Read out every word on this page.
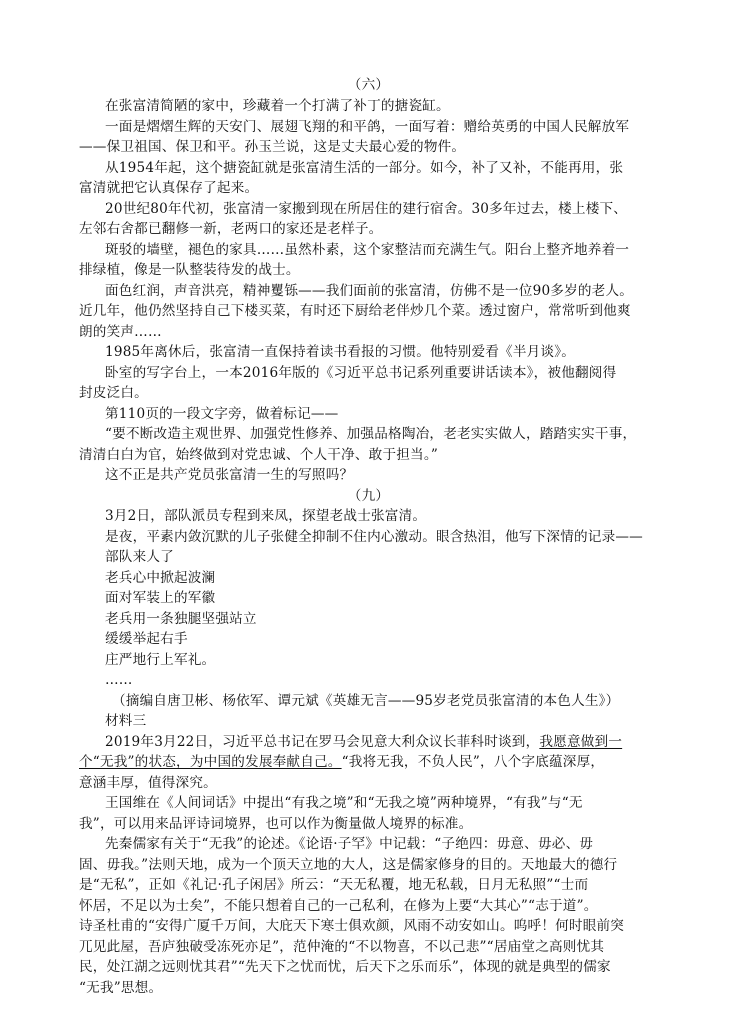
（六）
在张富清简陋的家中，珍藏着一个打满了补丁的搪瓷缸。
一面是熠熠生辉的天安门、展翅飞翔的和平鸽，一面写着：赠给英勇的中国人民解放军
——保卫祖国、保卫和平。孙玉兰说，这是丈夫最心爱的物件。
从1954年起，这个搪瓷缸就是张富清生活的一部分。如今，补了又补，不能再用，张
富清就把它认真保存了起来。
20世纪80年代初，张富清一家搬到现在所居住的建行宿舍。30多年过去，楼上楼下、
左邻右舍都已翻修一新，老两口的家还是老样子。
斑驳的墙壁，褪色的家具……虽然朴素，这个家整洁而充满生气。阳台上整齐地养着一
排绿植，像是一队整装待发的战士。
面色红润，声音洪亮，精神矍铄——我们面前的张富清，仿佛不是一位90多岁的老人。
近几年，他仍然坚持自己下楼买菜，有时还下厨给老伴炒几个菜。透过窗户，常常听到他爽
朗的笑声……
1985年离休后，张富清一直保持着读书看报的习惯。他特别爱看《半月谈》。
卧室的写字台上，一本2016年版的《习近平总书记系列重要讲话读本》，被他翻阅得
封皮泛白。
第110页的一段文字旁，做着标记——
“要不断改造主观世界、加强党性修养、加强品格陶冶，老老实实做人，踏踏实实干事，
清清白白为官，始终做到对党忠诚、个人干净、敢于担当。”
这不正是共产党员张富清一生的写照吗？
（九）
3月2日，部队派员专程到来凤，探望老战士张富清。
是夜，平素内敛沉默的儿子张健全抑制不住内心激动。眼含热泪，他写下深情的记录——
部队来人了
老兵心中掀起波澜
面对军装上的军徽
老兵用一条独腿坚强站立
缓缓举起右手
庄严地行上军礼。
……
（摘编自唐卫彬、杨依军、谭元斌《英雄无言——95岁老党员张富清的本色人生》）
材料三
2019年3月22日，习近平总书记在罗马会见意大利众议长菲科时谈到，我愿意做到一
个“无我”的状态，为中国的发展奉献自己。“我将无我，不负人民”，八个字底蕴深厚，
意涵丰厚，值得深究。
王国维在《人间词话》中提出“有我之境”和“无我之境”两种境界，“有我”与“无
我”，可以用来品评诗词境界，也可以作为衡量做人境界的标准。
先秦儒家有关于“无我”的论述。《论语·子罕》中记载：“子绝四：毋意、毋必、毋
固、毋我。”法则天地，成为一个顶天立地的大人，这是儒家修身的目的。天地最大的德行
是“无私”，正如《礼记·孔子闲居》所云：“天无私覆，地无私载，日月无私照”“士而
怀居，不足以为士矣”，不能只想着自己的一己私利，在修为上要“大其心”“志于道”。
诗圣杜甫的“安得广厦千万间，大庇天下寒士俱欢颜，风雨不动安如山。呜呼！何时眼前突
兀见此屋，吾庐独破受冻死亦足”，范仲淹的“不以物喜，不以己悲”“居庙堂之高则忧其
民，处江湖之远则忧其君”“先天下之忧而忧，后天下之乐而乐”，体现的就是典型的儒家
“无我”思想。
